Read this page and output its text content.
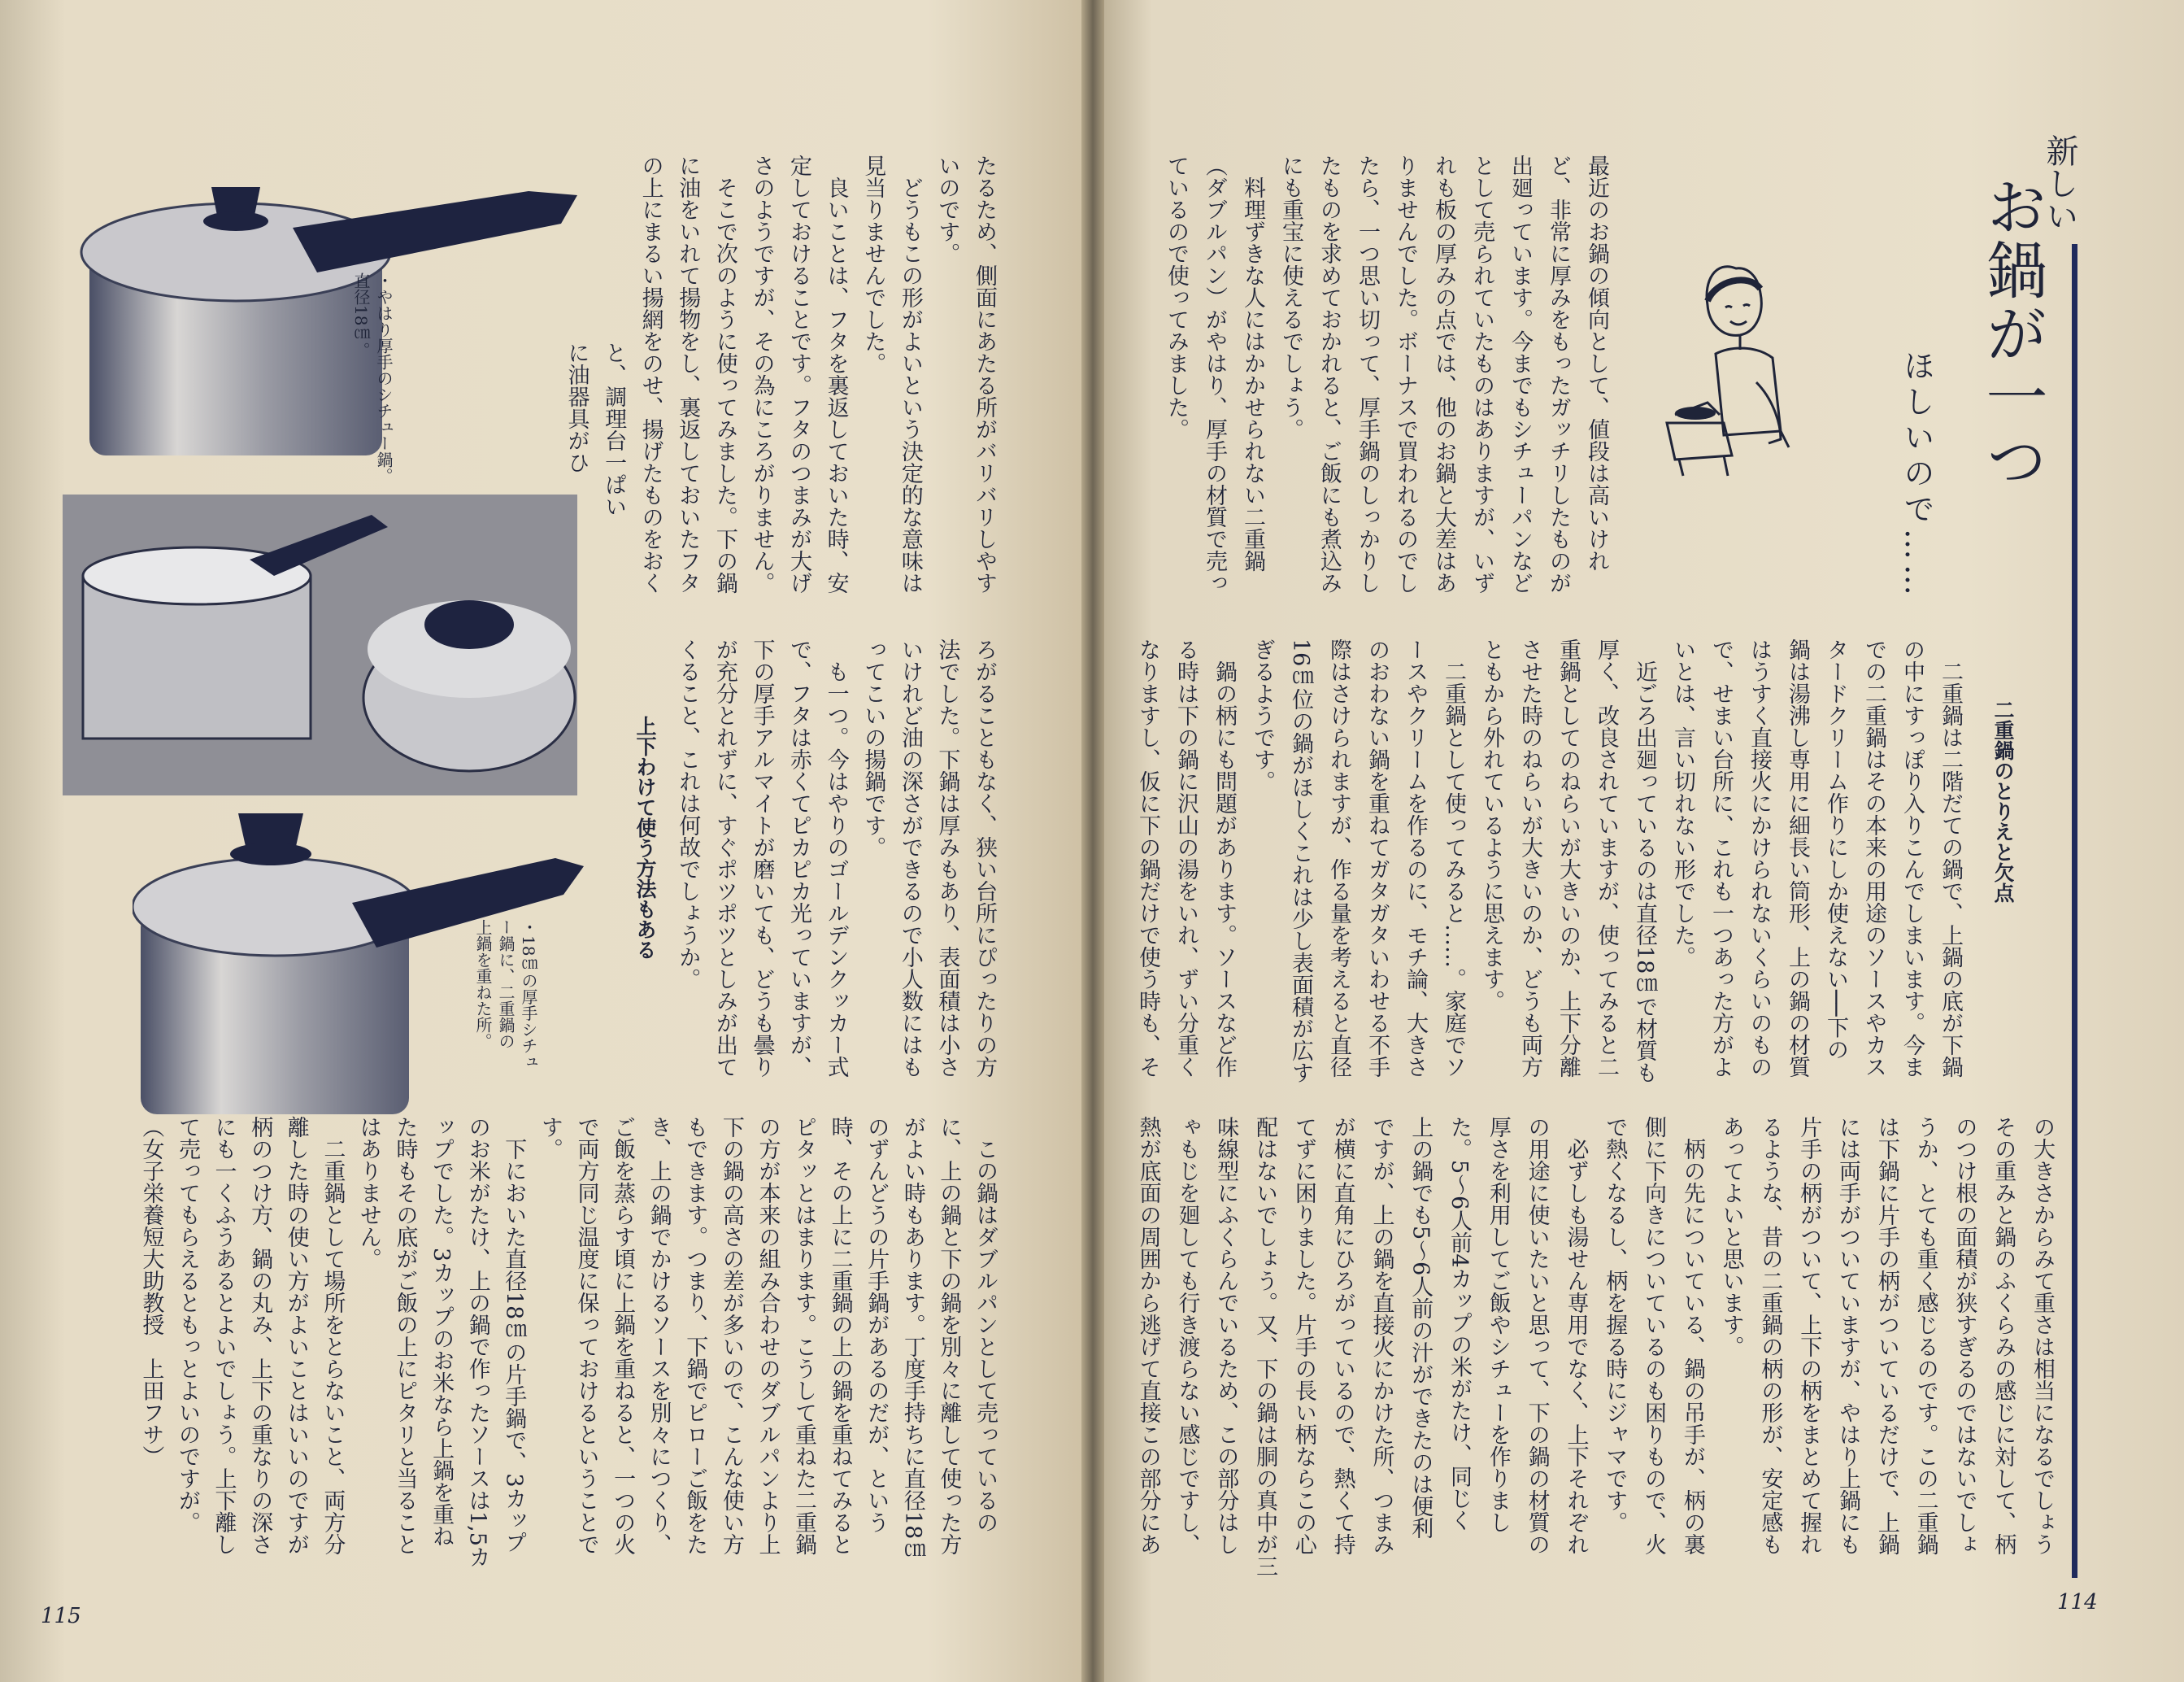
新しい
お鍋が一つ
ほしいので……
二重鍋のとりえと欠点
最近のお鍋の傾向として、値段は高いけれ
ど、非常に厚みをもったガッチリしたものが
出廻っています。今までもシチューパンなど
として売られていたものはありますが、いず
れも板の厚みの点では、他のお鍋と大差はあ
りませんでした。ボーナスで買われるのでし
たら、一つ思い切って、厚手鍋のしっかりし
たものを求めておかれると、ご飯にも煮込み
にも重宝に使えるでしょう。
　料理ずきな人にはかかせられない二重鍋
（ダブルパン）がやはり、厚手の材質で売っ
ているので使ってみました。
　二重鍋は二階だての鍋で、上鍋の底が下鍋
の中にすっぽり入りこんでしまいます。今ま
での二重鍋はその本来の用途のソースやカス
タードクリーム作りにしか使えない──下の
鍋は湯沸し専用に細長い筒形、上の鍋の材質
はうすく直接火にかけられないくらいのもの
で、せまい台所に、これも一つあった方がよ
いとは、言い切れない形でした。
　近ごろ出廻っているのは直径18㎝で材質も
厚く、改良されていますが、使ってみると二
重鍋としてのねらいが大きいのか、上下分離
させた時のねらいが大きいのか、どうも両方
ともから外れているように思えます。
　二重鍋として使ってみると……。家庭でソ
ースやクリームを作るのに、モチ論、大きさ
のおわない鍋を重ねてガタガタいわせる不手
際はさけられますが、作る量を考えると直径
16㎝位の鍋がほしくこれは少し表面積が広す
ぎるようです。
　鍋の柄にも問題があります。ソースなど作
る時は下の鍋に沢山の湯をいれ、ずい分重く
なりますし、仮に下の鍋だけで使う時も、そ
の大きさからみて重さは相当になるでしょう
その重みと鍋のふくらみの感じに対して、柄
のつけ根の面積が狭すぎるのではないでしょ
うか、とても重く感じるのです。この二重鍋
は下鍋に片手の柄がついているだけで、上鍋
には両手がついていますが、やはり上鍋にも
片手の柄がついて、上下の柄をまとめて握れ
るような、昔の二重鍋の柄の形が、安定感も
あってよいと思います。
　柄の先についている、鍋の吊手が、柄の裏
側に下向きについているのも困りもので、火
で熱くなるし、柄を握る時にジャマです。
　必ずしも湯せん専用でなく、上下それぞれ
の用途に使いたいと思って、下の鍋の材質の
厚さを利用してご飯やシチューを作りまし
た。5〜6人前4カップの米がたけ、同じく
上の鍋でも5〜6人前の汁ができたのは便利
ですが、上の鍋を直接火にかけた所、つまみ
が横に直角にひろがっているので、熱くて持
てずに困りました。片手の長い柄ならこの心
配はないでしょう。又、下の鍋は胴の真中が三
味線型にふくらんでいるため、この部分はし
ゃもじを廻しても行き渡らない感じですし、
熱が底面の周囲から逃げて直接この部分にあ
114
・やはり厚手のシチュー鍋。
直径18㎝。
・18㎝の厚手シチュ
ー鍋に、二重鍋の
上鍋を重ねた所。
たるため、側面にあたる所がバリバリしやす
いのです。
　どうもこの形がよいという決定的な意味は
見当りませんでした。
　良いことは、フタを裏返しておいた時、安
定しておけることです。フタのつまみが大げ
さのようですが、その為にころがりません。
　そこで次のように使ってみました。下の鍋
に油をいれて揚物をし、裏返しておいたフタ
の上にまるい揚網をのせ、揚げたものをおく
と、調理台一ぱい
に油器具がひ
ろがることもなく、狭い台所にぴったりの方
法でした。下鍋は厚みもあり、表面積は小さ
いけれど油の深さができるので小人数にはも
ってこいの揚鍋です。
　も一つ。今はやりのゴールデンクッカー式
で、フタは赤くてピカピカ光っていますが、
下の厚手アルマイトが磨いても、どうも曇り
が充分とれずに、すぐポツポツとしみが出て
くること、これは何故でしょうか。
上下わけて使う方法もある
　この鍋はダブルパンとして売っているの
に、上の鍋と下の鍋を別々に離して使った方
がよい時もあります。丁度手持ちに直径18㎝
のずんどうの片手鍋があるのだが、という
時、その上に二重鍋の上の鍋を重ねてみると
ピタッとはまります。こうして重ねた二重鍋
の方が本来の組み合わせのダブルパンより上
下の鍋の高さの差が多いので、こんな使い方
もできます。つまり、下鍋でピローご飯をた
き、上の鍋でかけるソースを別々につくり、
ご飯を蒸らす頃に上鍋を重ねると、一つの火
で両方同じ温度に保っておけるということで
す。
　下においた直径18㎝の片手鍋で、3カップ
のお米がたけ、上の鍋で作ったソースは1,5カ
ップでした。3カップのお米なら上鍋を重ね
た時もその底がご飯の上にピタリと当ること
はありません。
　二重鍋として場所をとらないこと、両方分
離した時の使い方がよいことはいいのですが
柄のつけ方、鍋の丸み、上下の重なりの深さ
にも一くふうあるとよいでしょう。上下離し
て売ってもらえるともっとよいのですが。
（女子栄養短大助教授　上田フサ）
115
